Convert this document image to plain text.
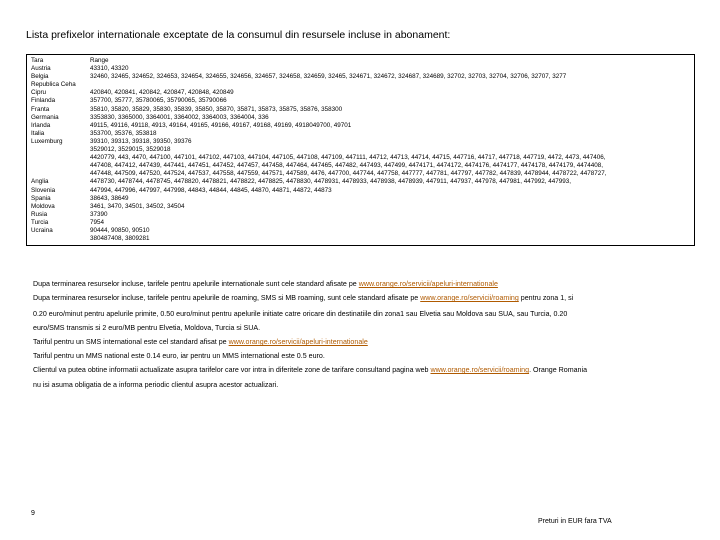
Lista prefixelor internationale exceptate de la consumul din resursele incluse in abonament:
Tara
Austria
Belgia
Republica Ceha
Cipru
Finlanda
Franta
Germania
Irlanda
Italia
Luxemburg
Anglia
Slovenia
Spania
Moldova
Rusia
Turcia
Ucraina
Range
43310, 43320
32460, 32465, 324652, 324653, 324654, 324655, 324656, 324657, 324658, 324659, 32465, 324671, 324672, 324687, 324689, 32702, 32703, 32704, 32706, 32707, 3277
420840, 420841, 420842, 420847, 420848, 420849
357700, 35777, 35780065, 35790065, 35790066
35810, 35820, 35829, 35830, 35839, 35850, 35870, 35871, 35873, 35875, 35876, 358300
3353830, 3365000, 3364001, 3364002, 3364003, 3364004, 336
49115, 49116, 49118, 4913, 49164, 49165, 49166, 49167, 49168, 49169, 4918049700, 49701
353700, 35376, 353818
39310, 39313, 39318, 39350, 39376
3529012, 3529015, 3529018
4420779, 443, 4470, 447100, 447101, 447102, 447103, 447104, 447105, 447108, 447109, 447111, 44712, 44713, 44714, 44715, 447716, 44717, 447718, 447719, 4472, 4473, 447406,
447408, 447412, 447439, 447441, 447451, 447452, 447457, 447458, 447464, 447465, 447482, 447493, 447499, 4474171, 4474172, 4474176, 4474177, 4474178, 4474179, 4474408,
447448, 447509, 447520, 447524, 447537, 447558, 447559, 447571, 447589, 4476, 447700, 447744, 447758, 447777, 447781, 447797, 447782, 447839, 4478944, 4478722, 4478727,
4478730, 4478744, 4478745, 4478820, 4478821, 4478822, 4478825, 4478830, 4478931, 4478933, 4478938, 4478939, 447911, 447937, 447978, 447981, 447992, 447993,
447994, 447996, 447997, 447998, 44843, 44844, 44845, 44870, 44871, 44872, 44873
38643, 38649
3461, 3470, 34501, 34502, 34504
37390
7954
90444, 90850, 90510
380487408, 3809281
Dupa terminarea resurselor incluse, tarifele pentru apelurile internationale sunt cele standard afisate pe www.orange.ro/servicii/apeluri-internationale
Dupa terminarea resurselor incluse, tarifele pentru apelurile de roaming, SMS si MB roaming, sunt cele standard afisate pe www.orange.ro/servicii/roaming pentru zona 1, si
0.20 euro/minut pentru apelurile primite, 0.50 euro/minut pentru apelurile initiate catre oricare din destinatiile din zona1 sau Elvetia sau Moldova sau SUA, sau Turcia, 0.20
euro/SMS transmis si 2 euro/MB pentru Elvetia, Moldova, Turcia si SUA.
Tariful pentru un SMS international este cel standard afisat pe www.orange.ro/servicii/apeluri-internationale
Tariful pentru un MMS national este 0.14 euro, iar pentru un MMS international este 0.5 euro.
Clientul va putea obtine informatii actualizate asupra tarifelor care vor intra in diferitele zone de tarifare consultand pagina web www.orange.ro/servicii/roaming. Orange Romania
nu isi asuma obligatia de a informa periodic clientul asupra acestor actualizari.
9
Preturi in EUR fara TVA
